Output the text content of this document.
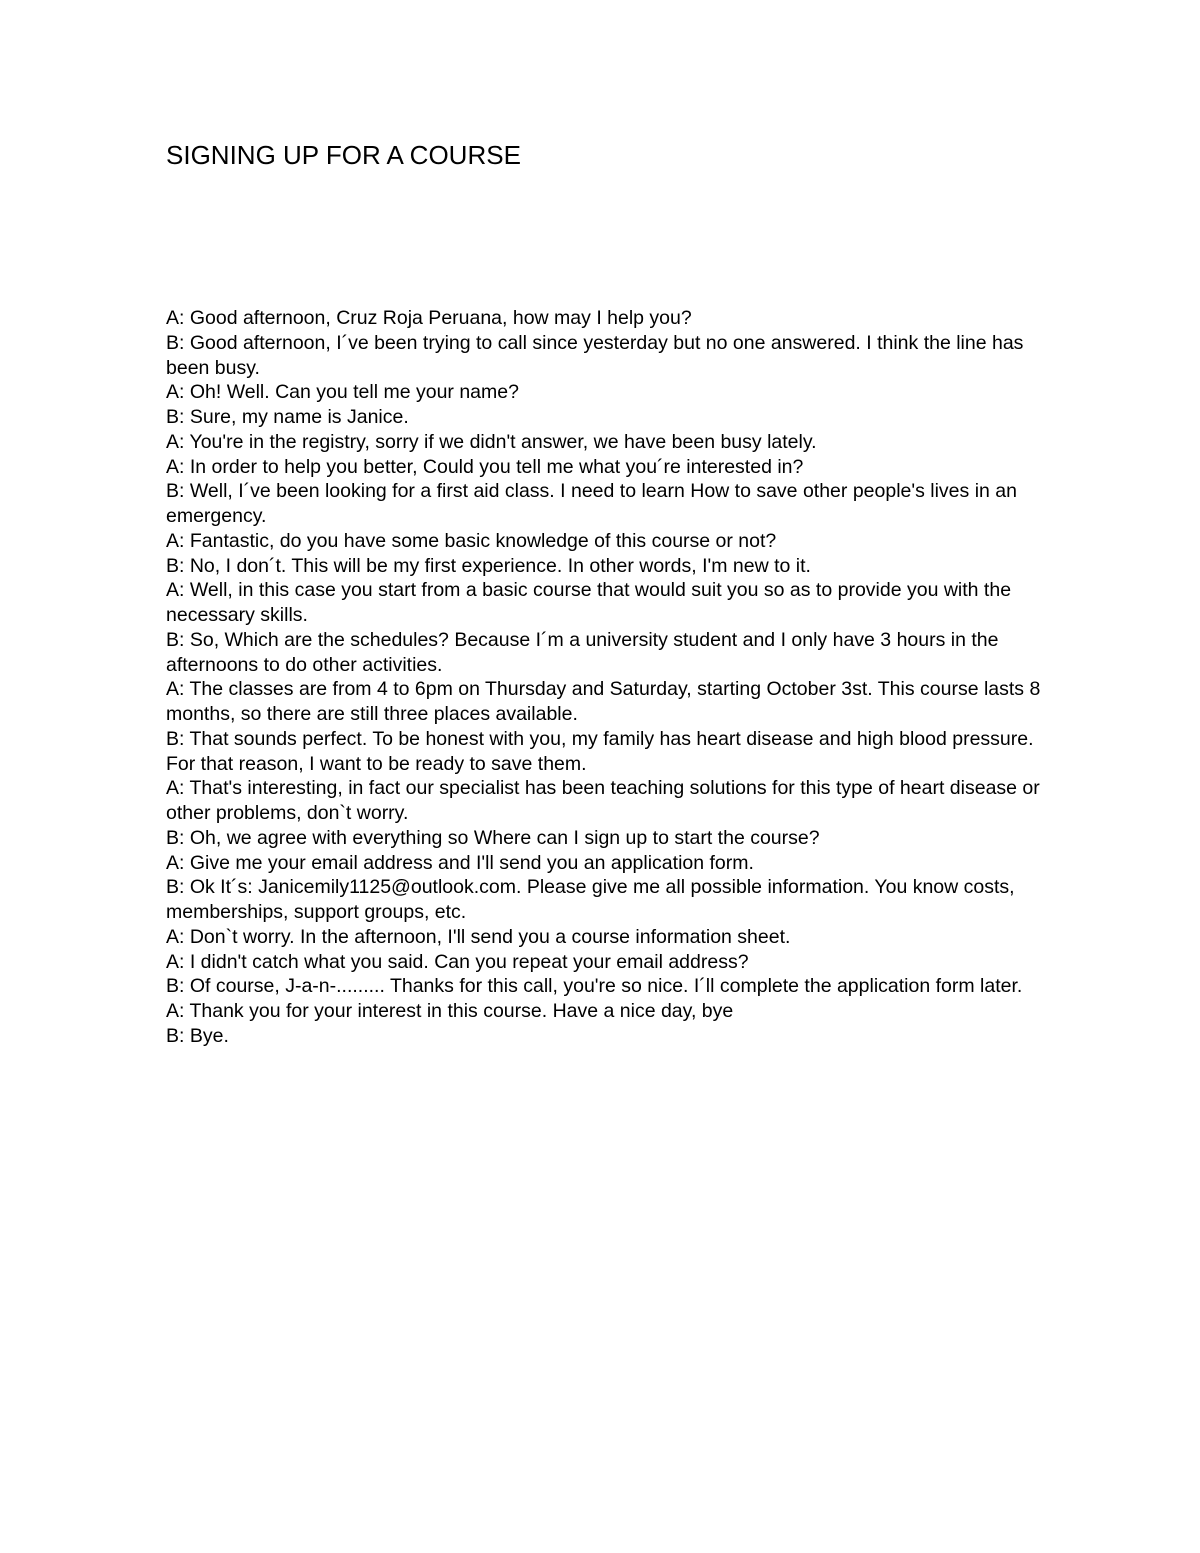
SIGNING UP FOR A COURSE

A: Good afternoon, Cruz Roja Peruana, how may I help you?

B: Good afternoon, I´ve been trying to call since yesterday but no one answered. I think the line has been busy.

A: Oh! Well. Can you tell me your name?

B: Sure, my name is Janice.

A: You're in the registry, sorry if we didn't answer, we have been busy lately.

A: In order to help you better, Could you tell me what you´re interested in?

B: Well, I´ve been looking for a first aid class. I need to learn How to save other people's lives in an emergency.

A: Fantastic, do you have some basic knowledge of this course or not?

B: No, I don´t. This will be my first experience. In other words, I'm new to it.

A: Well, in this case you start from a basic course that would suit you so as to provide you with the necessary skills.

B: So, Which are the schedules? Because I´m a university student and I only have 3 hours in the afternoons to do other activities.

A: The classes are from 4 to 6pm on Thursday and Saturday, starting October 3st. This course lasts 8 months, so there are still three places available.

B: That sounds perfect. To be honest with you, my family has heart disease and high blood pressure. For that reason, I want to be ready to save them.

A: That's interesting, in fact our specialist has been teaching solutions for this type of heart disease or other problems, don`t worry.

B: Oh, we agree with everything so Where can I sign up to start the course?

A: Give me your email address and I'll send you an application form.

B: Ok It´s: Janicemily1125@outlook.com. Please give me all possible information. You know costs, memberships, support groups, etc.

A: Don`t worry. In the afternoon, I'll send you a course information sheet.

A: I didn't catch what you said. Can you repeat your email address?

B: Of course, J-a-n-......... Thanks for this call, you're so nice. I´ll complete the application form later.

A: Thank you for your interest in this course. Have a nice day, bye

B: Bye.
